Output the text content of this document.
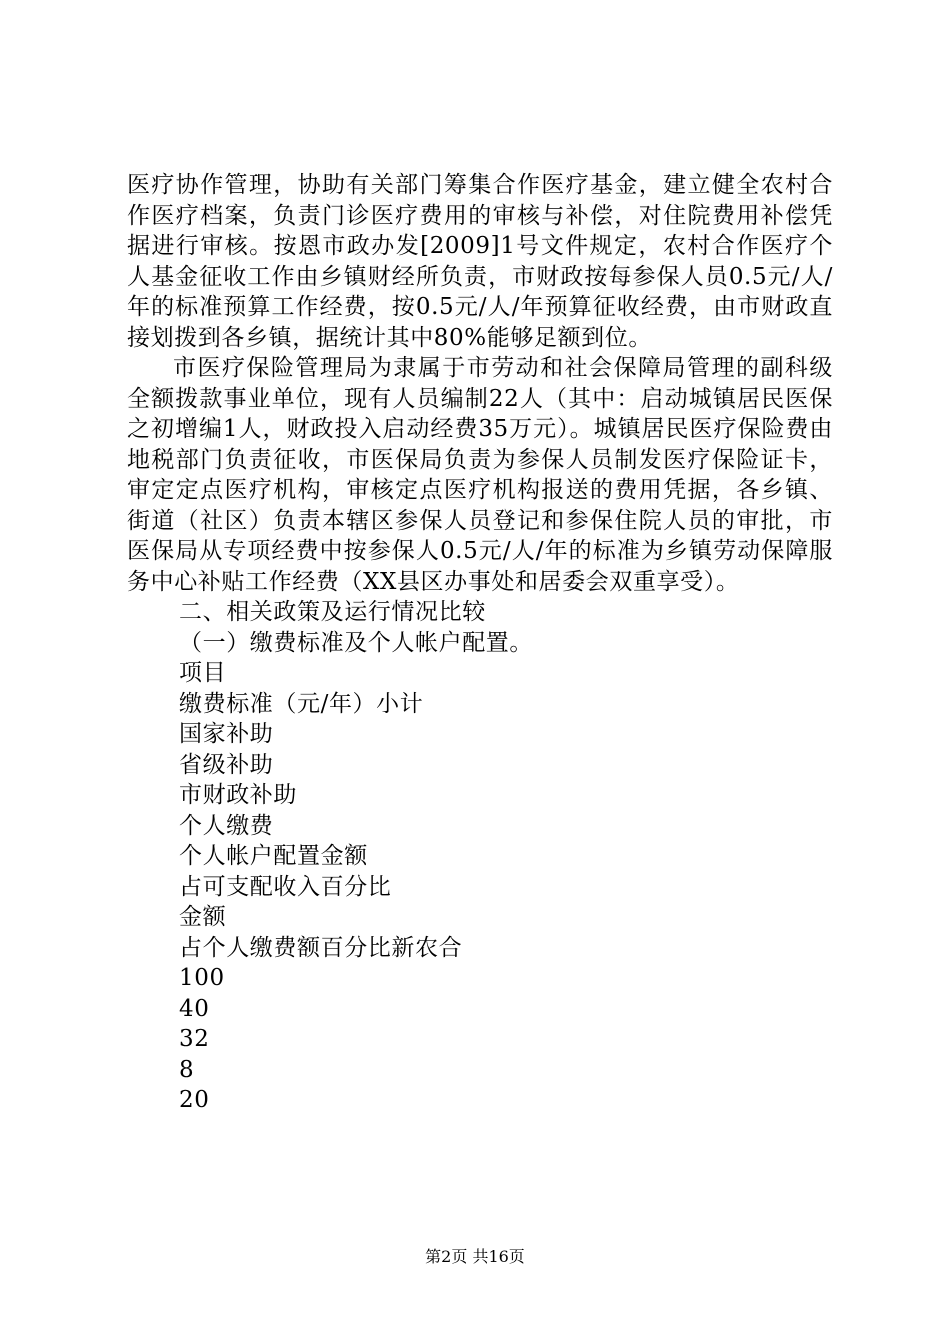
医疗协作管理，协助有关部门筹集合作医疗基金，建立健全农村合作医疗档案，负责门诊医疗费用的审核与补偿，对住院费用补偿凭据进行审核。按恩市政办发[2009]1号文件规定，农村合作医疗个人基金征收工作由乡镇财经所负责，市财政按每参保人员0.5元/人/年的标准预算工作经费，按0.5元/人/年预算征收经费，由市财政直接划拨到各乡镇，据统计其中80%能够足额到位。

市医疗保险管理局为隶属于市劳动和社会保障局管理的副科级全额拨款事业单位，现有人员编制22人（其中：启动城镇居民医保之初增编1人，财政投入启动经费35万元）。城镇居民医疗保险费由地税部门负责征收，市医保局负责为参保人员制发医疗保险证卡，审定定点医疗机构，审核定点医疗机构报送的费用凭据，各乡镇、街道（社区）负责本辖区参保人员登记和参保住院人员的审批，市医保局从专项经费中按参保人0.5元/人/年的标准为乡镇劳动保障服务中心补贴工作经费（XX县区办事处和居委会双重享受）。

二、相关政策及运行情况比较

（一）缴费标准及个人帐户配置。

项目

缴费标准（元/年）小计

国家补助

省级补助

市财政补助

个人缴费

个人帐户配置金额

占可支配收入百分比

金额

占个人缴费额百分比新农合

100

40

32

8

20

第2页 共16页
